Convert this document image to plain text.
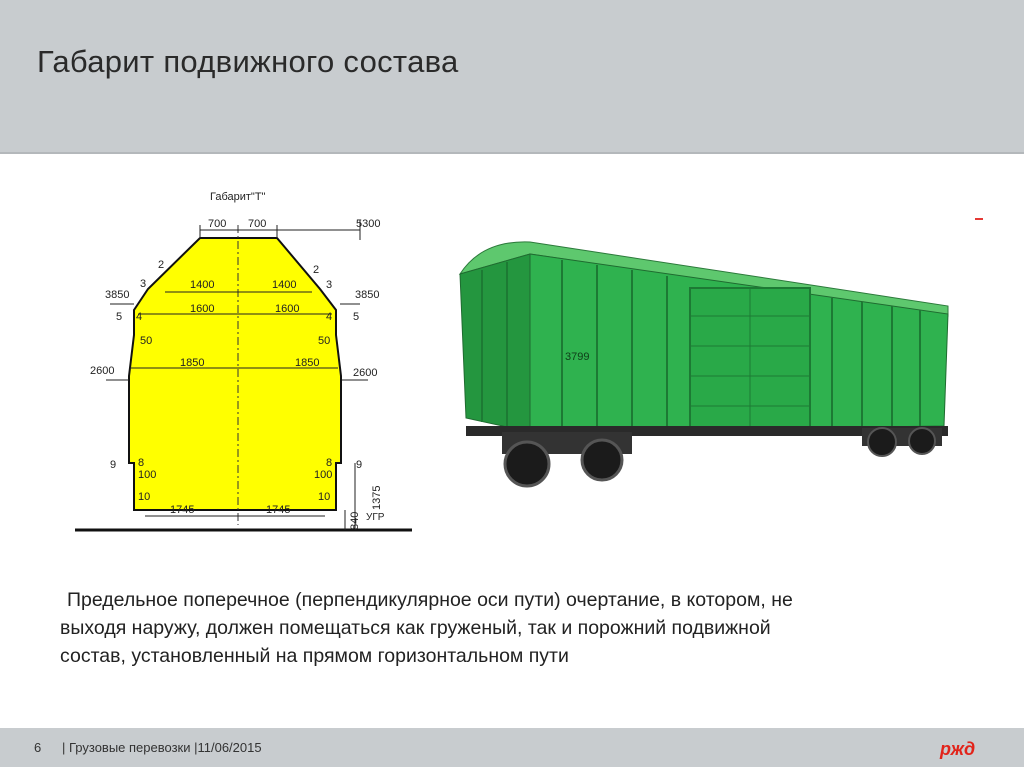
Габарит подвижного состава
Габарит"Т"
700 700	5300
1400	1400
1600	1600
1850	1850
1745	1745
3850	3850
2600	2600
50	50
100	100
10	10
УГР
2	2
3	3
4	4
5	5
8	8
9	9
1375
840
3799
Предельное поперечное (перпендикулярное оси пути) очертание, в котором, не
выходя наружу, должен помещаться как груженый, так и порожний подвижной
состав, установленный на прямом горизонтальном пути
6 | Грузовые перевозки |11/06/2015	ржд
